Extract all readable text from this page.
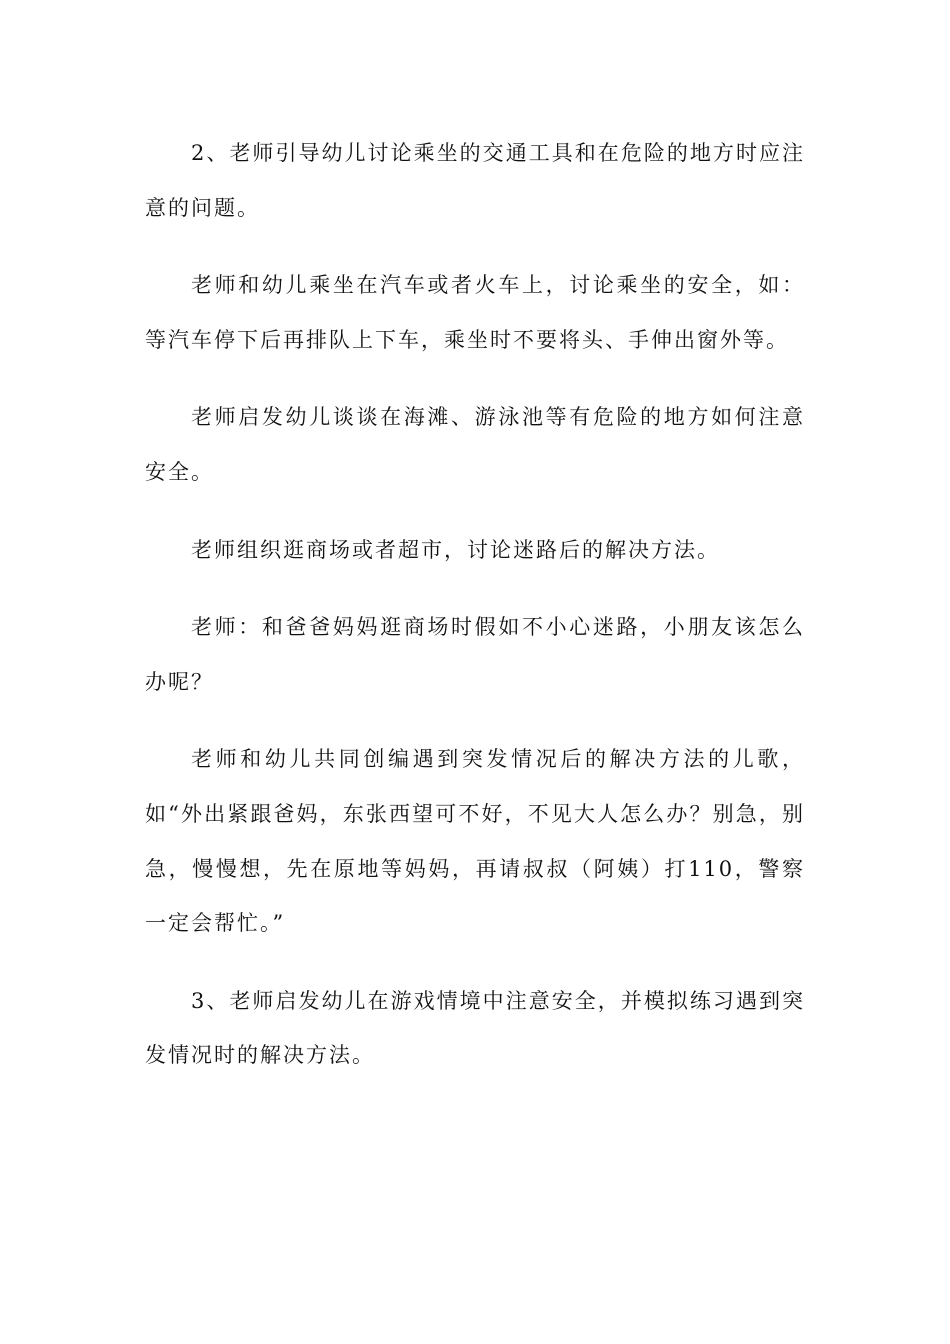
2、老师引导幼儿讨论乘坐的交通工具和在危险的地方时应注意的问题。

老师和幼儿乘坐在汽车或者火车上，讨论乘坐的安全，如：等汽车停下后再排队上下车，乘坐时不要将头、手伸出窗外等。

老师启发幼儿谈谈在海滩、游泳池等有危险的地方如何注意安全。

老师组织逛商场或者超市，讨论迷路后的解决方法。

老师：和爸爸妈妈逛商场时假如不小心迷路，小朋友该怎么办呢？

老师和幼儿共同创编遇到突发情况后的解决方法的儿歌，如“外出紧跟爸妈，东张西望可不好，不见大人怎么办？别急，别急，慢慢想，先在原地等妈妈，再请叔叔（阿姨）打110，警察一定会帮忙。”

3、老师启发幼儿在游戏情境中注意安全，并模拟练习遇到突发情况时的解决方法。
